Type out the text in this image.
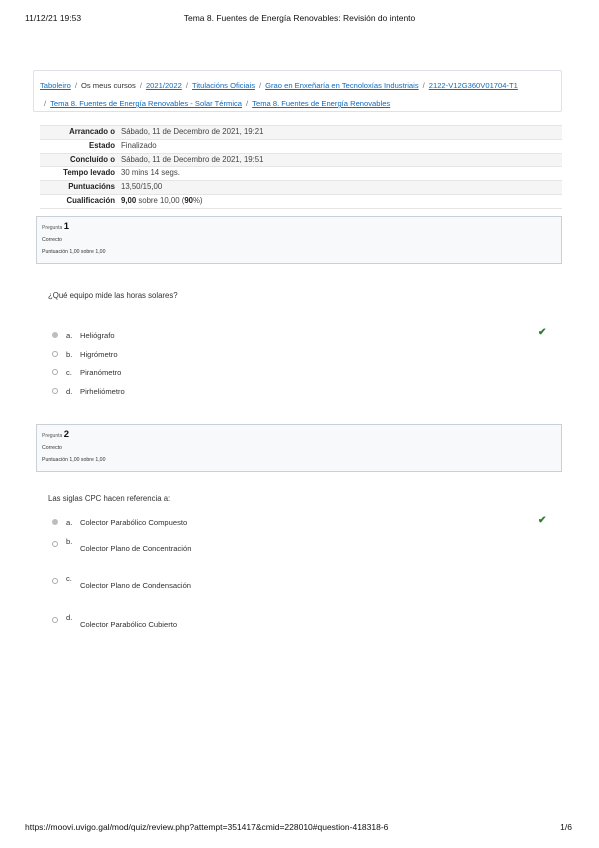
11/12/21 19:53	Tema 8. Fuentes de Energía Renovables: Revisión do intento
Taboleiro / Os meus cursos / 2021/2022 / Titulacións Oficiais / Grao en Enxeñaría en Tecnoloxías Industriais / 2122-V12G360V01704-T1
/ Tema 8. Fuentes de Energía Renovables - Solar Térmica / Tema 8. Fuentes de Energía Renovables
Arrancado o Sábado, 11 de Decembro de 2021, 19:21
Estado Finalizado
Concluído o Sábado, 11 de Decembro de 2021, 19:51
Tempo levado 30 mins 14 segs.
Puntuacións 13,50/15,00
Cualificación 9,00 sobre 10,00 (90%)
Pregunta 1
Correcto
Puntuación 1,00 sobre 1,00
¿Qué equipo mide las horas solares?
a. Heliógrafo	✔
b. Higrómetro
c. Piranómetro
d. Pirheliómetro
Pregunta 2
Correcto
Puntuación 1,00 sobre 1,00
Las siglas CPC hacen referencia a:
a. Colector Parabólico Compuesto	✔
b.
Colector Plano de Concentración
c.
Colector Plano de Condensación
d.
Colector Parabólico Cubierto
https://moovi.uvigo.gal/mod/quiz/review.php?attempt=351417&cmid=228010#question-418318-6	1/6
